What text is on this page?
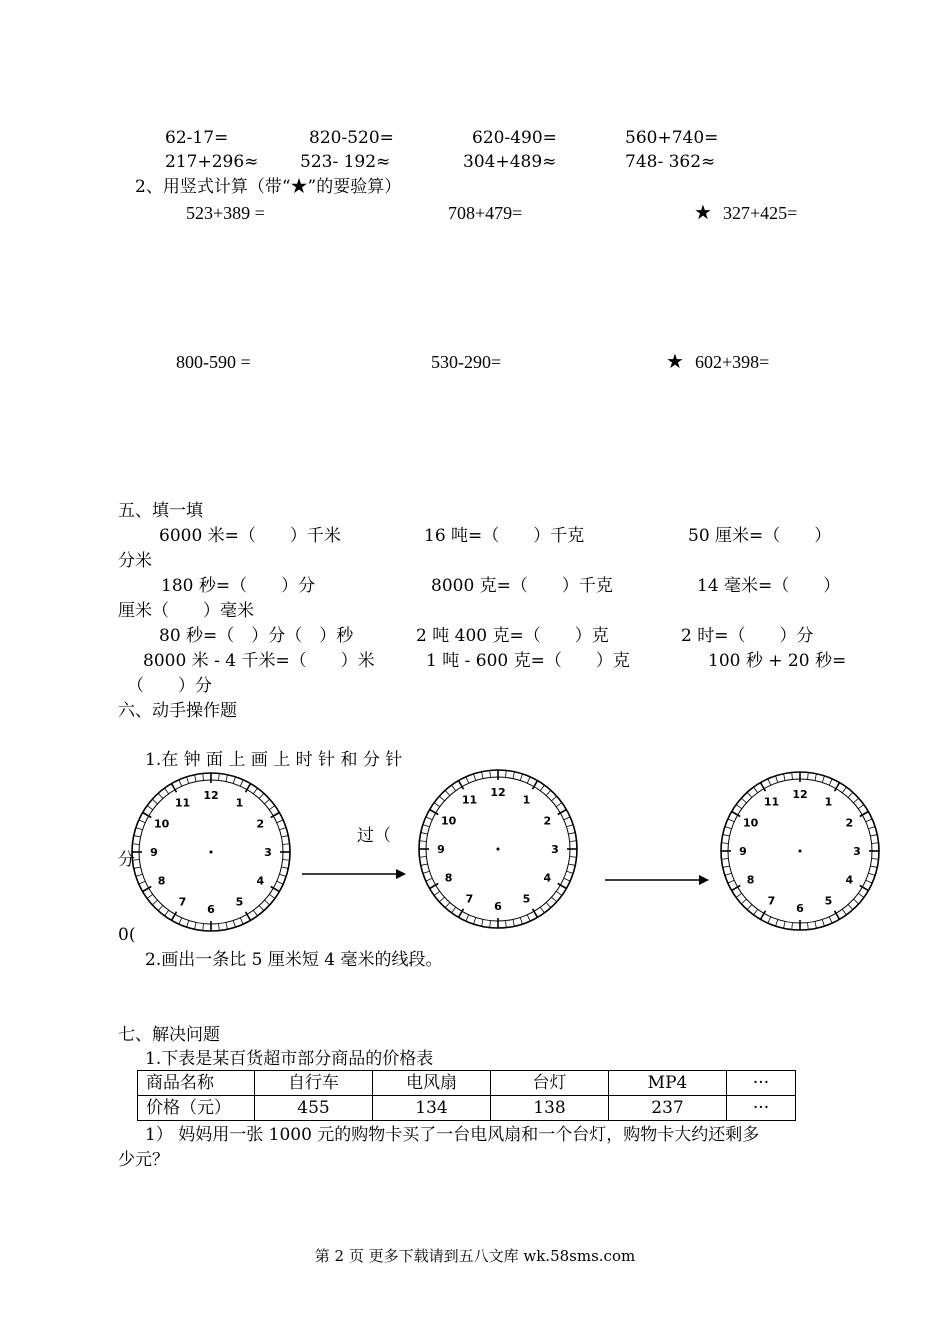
62-17=	820-520=	620-490=	560+740=
217+296≈ 523- 192≈	304+489≈	748- 362≈
2、用竖式计算（带“★”的要验算）
523+389 =	708+479=	★ 327+425=
800-590 =	530-290=	★ 602+398=
五、填一填
6000 米=（　　）千米	16 吨=（　　）千克	50 厘米=（　　）
分米
180 秒=（　　）分	8000 克=（　　）千克	14 毫米=（　　）
厘米（　　）毫米
80 秒=（　）分（　）秒	2 吨 400 克=（　　）克	2 时=（　　）分
8000 米 - 4 千米=（　　）米	1 吨 - 600 克=（　　）克	100 秒 + 20 秒=
（　　）分
六、动手操作题
1.在 钟 面 上 画 上 时 针 和 分 针
分
0(
过（
12
1
2
3
4
5
6
7
8
9
10
11
12
1
2
3
4
5
6
7
8
9
10
11	12
1
2
3
4
5
6
7
8
9
10
11
2.画出一条比 5 厘米短 4 毫米的线段。
七、解决问题
1.下表是某百货超市部分商品的价格表
商品名称	自行车	电风扇	台灯	MP4	···
价格（元）	455	134	138	237	···
1） 妈妈用一张 1000 元的购物卡买了一台电风扇和一个台灯，购物卡大约还剩多
少元？
第 2 页 更多下载请到五八文库 wk.58sms.com
